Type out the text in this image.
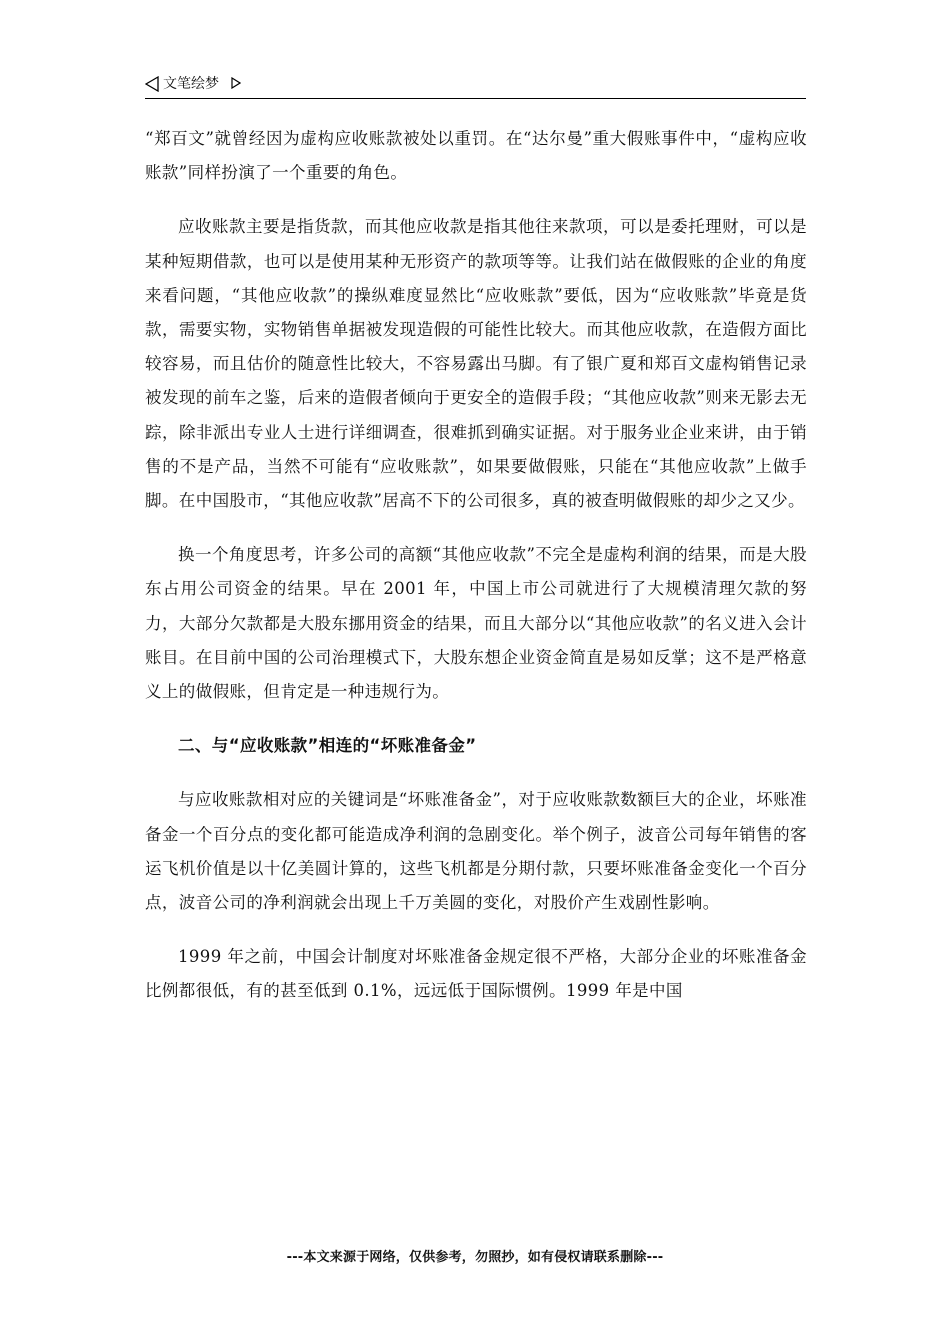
文笔绘梦

“郑百文”就曾经因为虚构应收账款被处以重罚。在“达尔曼”重大假账事件中，“虚构应收账款”同样扮演了一个重要的角色。

应收账款主要是指货款，而其他应收款是指其他往来款项，可以是委托理财，可以是某种短期借款，也可以是使用某种无形资产的款项等等。让我们站在做假账的企业的角度来看问题，“其他应收款”的操纵难度显然比“应收账款”要低，因为“应收账款”毕竟是货款，需要实物，实物销售单据被发现造假的可能性比较大。而其他应收款，在造假方面比较容易，而且估价的随意性比较大，不容易露出马脚。有了银广夏和郑百文虚构销售记录被发现的前车之鉴，后来的造假者倾向于更安全的造假手段；“其他应收款”则来无影去无踪，除非派出专业人士进行详细调查，很难抓到确实证据。对于服务业企业来讲，由于销售的不是产品，当然不可能有“应收账款”，如果要做假账，只能在“其他应收款”上做手脚。在中国股市，“其他应收款”居高不下的公司很多，真的被查明做假账的却少之又少。

换一个角度思考，许多公司的高额“其他应收款”不完全是虚构利润的结果，而是大股东占用公司资金的结果。早在 2001 年，中国上市公司就进行了大规模清理欠款的努力，大部分欠款都是大股东挪用资金的结果，而且大部分以“其他应收款”的名义进入会计账目。在目前中国的公司治理模式下，大股东想企业资金简直是易如反掌；这不是严格意义上的做假账，但肯定是一种违规行为。

二、与“应收账款”相连的“坏账准备金”

与应收账款相对应的关键词是“坏账准备金”，对于应收账款数额巨大的企业，坏账准备金一个百分点的变化都可能造成净利润的急剧变化。举个例子，波音公司每年销售的客运飞机价值是以十亿美圆计算的，这些飞机都是分期付款，只要坏账准备金变化一个百分点，波音公司的净利润就会出现上千万美圆的变化，对股价产生戏剧性影响。

1999 年之前，中国会计制度对坏账准备金规定很不严格，大部分企业的坏账准备金比例都很低，有的甚至低到 0.1%，远远低于国际惯例。1999 年是中国

---本文来源于网络，仅供参考，勿照抄，如有侵权请联系删除---
